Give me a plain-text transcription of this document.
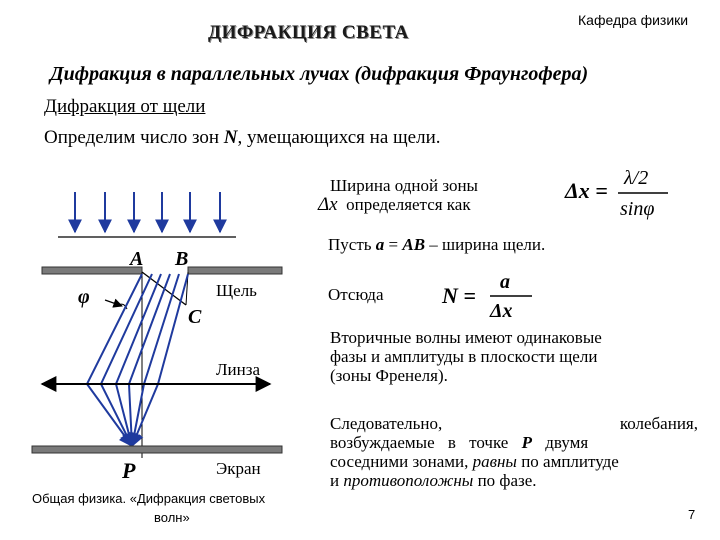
ДИФРАКЦИЯ СВЕТА
Кафедра физики
Дифракция в параллельных лучах (дифракция Фраунгофера)
Дифракция от щели
Определим число зон N, умещающихся на щели.
Ширина одной зоны
Δx определяется как
Δx = λ/2
sinφ
N =
a
Δx
Пусть a = AB – ширина щели.
Отсюда
Вторичные волны имеют одинаковые
фазы и амплитуды в плоскости щели
(зоны Френеля).
Следовательно,	колебания,
возбуждаемые в точке P двумя
соседними зонами, равны по амплитуде
и противоположны по фазе.
A B
C
φ
P
Щель
Линза
Экран
Общая физика. «Дифракция световых
волн»	7
